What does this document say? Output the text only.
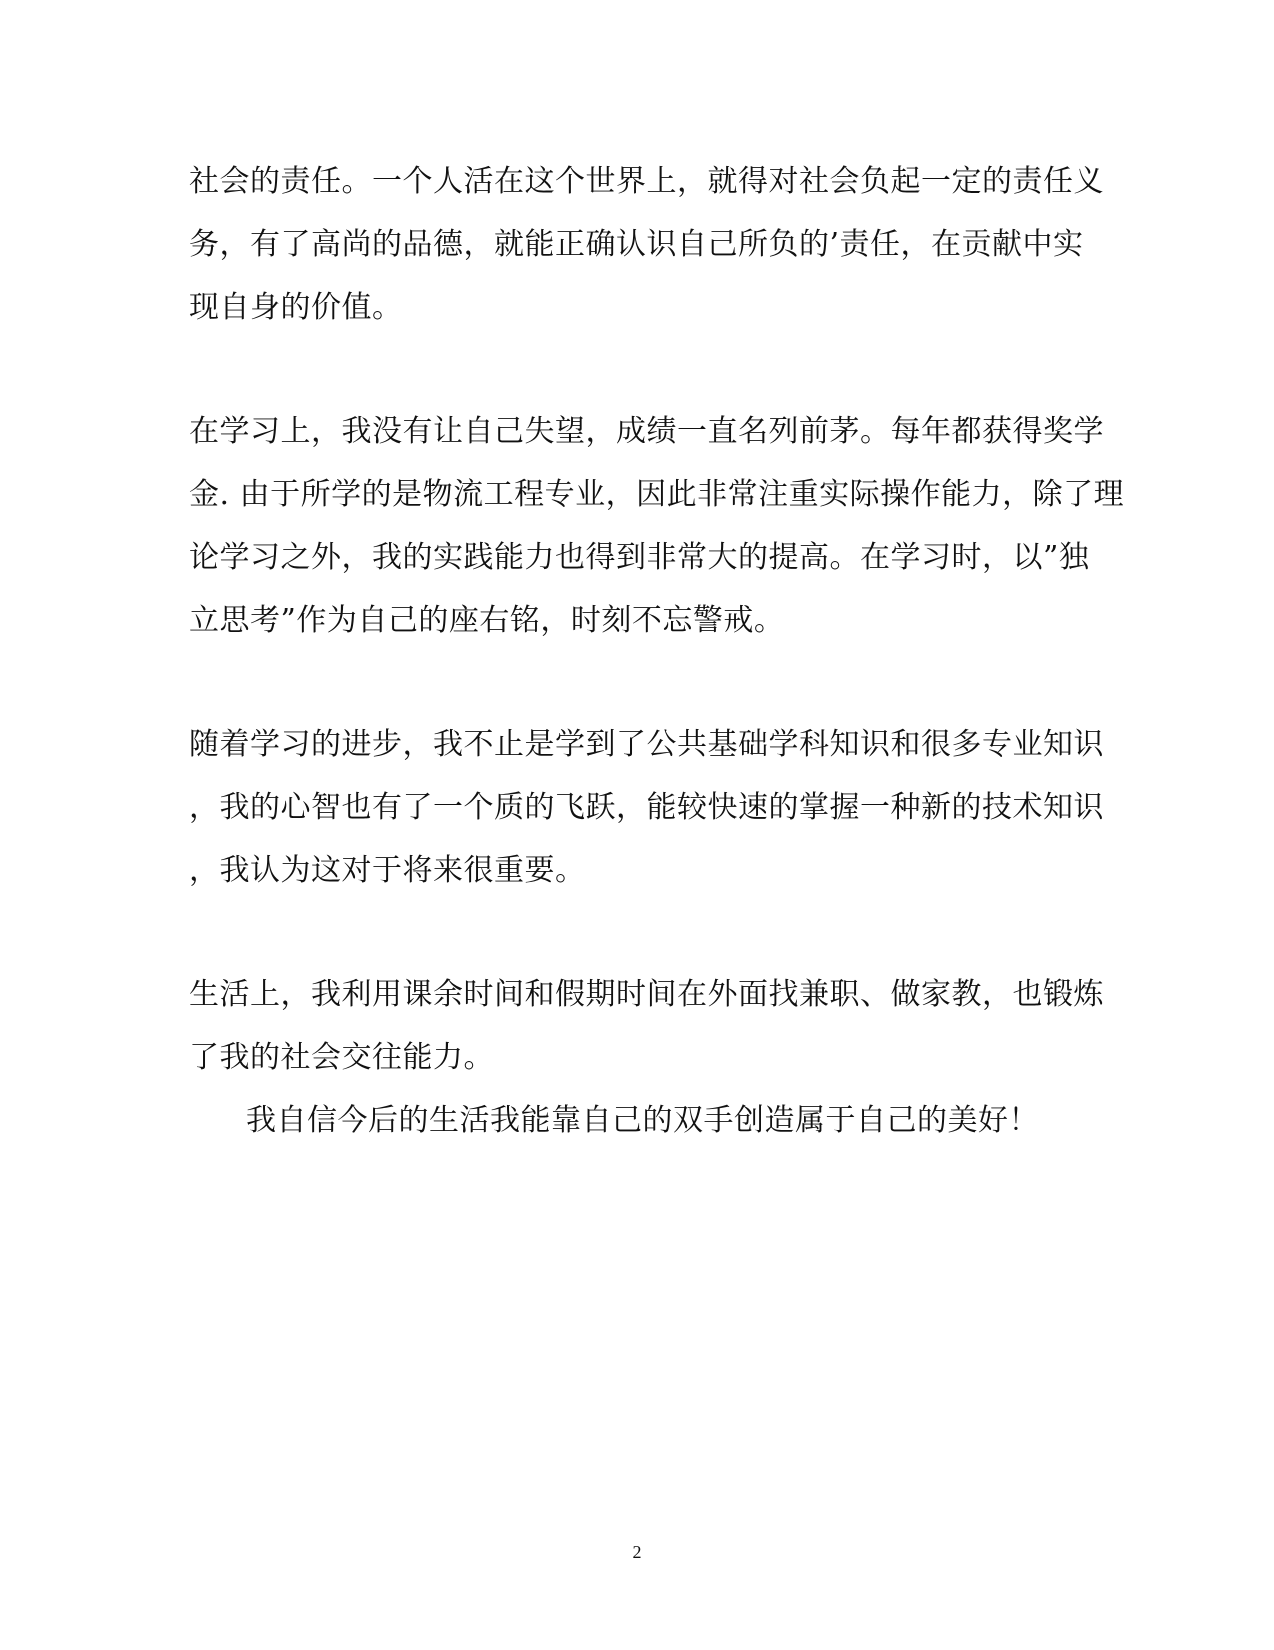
社会的责任。一个人活在这个世界上，就得对社会负起一定的责任义
务，有了高尚的品德，就能正确认识自己所负的’责任，在贡献中实
现自身的价值。
在学习上，我没有让自己失望，成绩一直名列前茅。每年都获得奖学
金. 由于所学的是物流工程专业，因此非常注重实际操作能力，除了理
论学习之外，我的实践能力也得到非常大的提高。在学习时，以”独
立思考”作为自己的座右铭，时刻不忘警戒。
随着学习的进步，我不止是学到了公共基础学科知识和很多专业知识
，我的心智也有了一个质的飞跃，能较快速的掌握一种新的技术知识
，我认为这对于将来很重要。
生活上，我利用课余时间和假期时间在外面找兼职、做家教，也锻炼
了我的社会交往能力。
我自信今后的生活我能靠自己的双手创造属于自己的美好！
2
